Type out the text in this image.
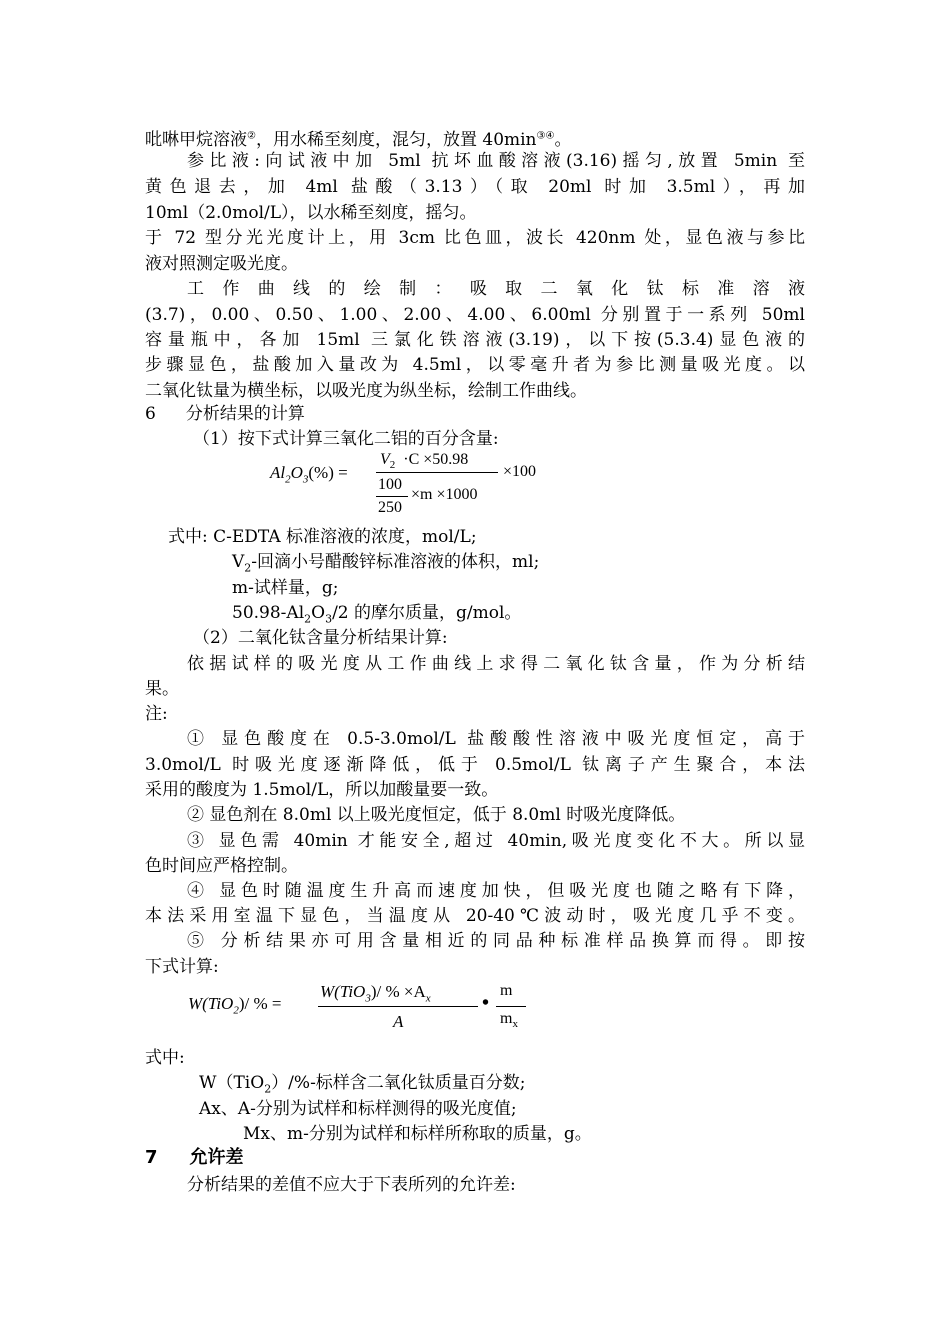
吡啉甲烷溶液②，用水稀至刻度，混匀，放置 40min③④。
参比液:向试液中加 5ml 抗坏血酸溶液(3.16)摇匀,放置 5min 至
黄色退去，加 4ml 盐酸（3.13）（取 20ml 时加 3.5ml），再加
10ml（2.0mol/L），以水稀至刻度，摇匀。
于 72 型分光光度计上，用 3cm 比色皿，波长 420nm 处，显色液与参比
液对照测定吸光度。
工作曲线的绘制：吸取二氧化钛标准溶液
(3.7)，0.00、0.50、1.00、2.00、4.00、6.00ml 分别置于一系列 50ml
容量瓶中，各加 15ml 三氯化铁溶液(3.19)，以下按(5.3.4)显色液的
步骤显色，盐酸加入量改为 4.5ml，以零毫升者为参比测量吸光度。以
二氧化钛量为横坐标，以吸光度为纵坐标，绘制工作曲线。
6 分析结果的计算
（1）按下式计算三氧化二铝的百分含量:
$Al_2O_3(\%)$ =
$V_2 \cdot C \times 50.98$
×100
100
250
×m ×1000
式中: C-EDTA 标准溶液的浓度，mol/L;
$V_2-$回滴小号醋酸锌标准溶液的体积，ml;
m-试样量，g;
$50.98-Al_2O_3/2$ 的摩尔质量，g/mol。
（2）二氧化钛含量分析结果计算:
依据试样的吸光度从工作曲线上求得二氧化钛含量，作为分析结
果。
注:
① 显色酸度在 0.5-3.0mol/L 盐酸酸性溶液中吸光度恒定，高于
3.0mol/L 时吸光度逐渐降低，低于 0.5mol/L 钛离子产生聚合，本法
采用的酸度为 1.5mol/L，所以加酸量要一致。
② 显色剂在 8.0ml 以上吸光度恒定，低于 8.0ml 时吸光度降低。
③ 显色需 40min 才能安全,超过 40min,吸光度变化不大。所以显
色时间应严格控制。
④ 显色时随温度生升高而速度加快，但吸光度也随之略有下降，
本法采用室温下显色，当温度从 20-40℃波动时，吸光度几乎不变。
⑤ 分析结果亦可用含量相近的同品种标准样品换算而得。即按
下式计算:
W(TiO$_2$)/ % =
W(TiO$_3$)/ % $\times A_x$
A
•
m
$m_x$
式中:
W（TiO$_2$）/%-标样含二氧化钛质量百分数;
Ax、A-分别为试样和标样测得的吸光度值;
Mx、m-分别为试样和标样所称取的质量，g。
7 允许差
分析结果的差值不应大于下表所列的允许差:
